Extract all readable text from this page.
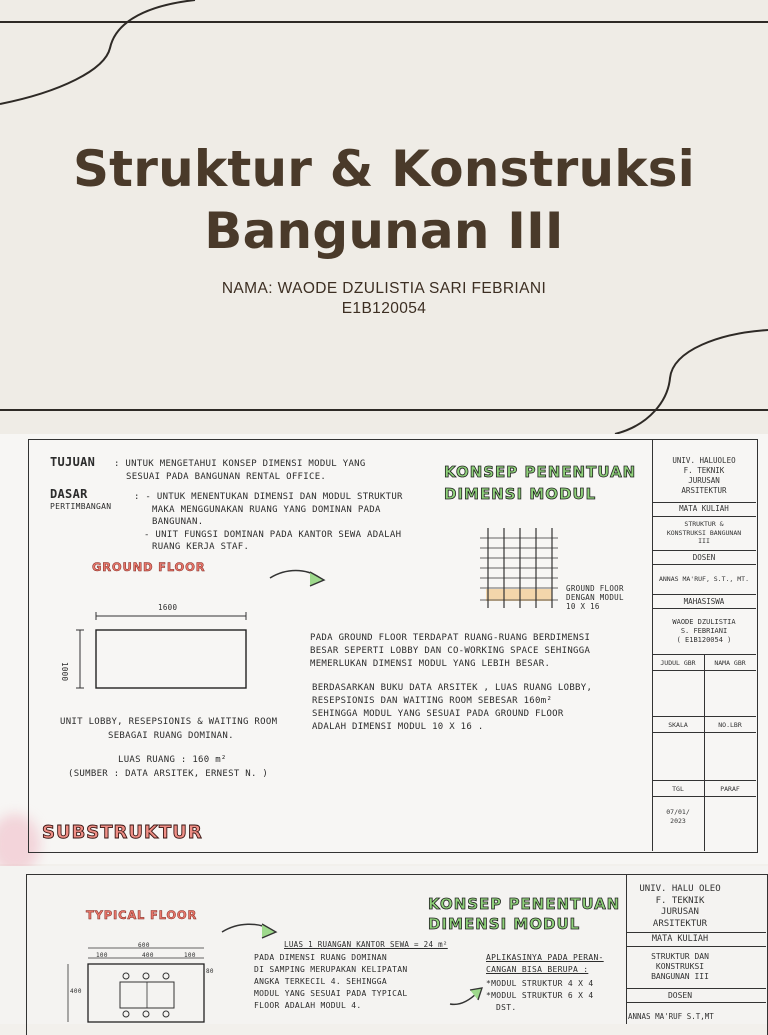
Struktur & Konstruksi
Bangunan III
NAMA: WAODE DZULISTIA SARI FEBRIANI
E1B120054
TUJUAN : UNTUK MENGETAHUI KONSEP DIMENSI MODUL YANG
SESUAI PADA BANGUNAN RENTAL OFFICE.
DASAR
PERTIMBANGAN
: - UNTUK MENENTUKAN DIMENSI DAN MODUL STRUKTUR
MAKA MENGGUNAKAN RUANG YANG DOMINAN PADA
BANGUNAN.
- UNIT FUNGSI DOMINAN PADA KANTOR SEWA ADALAH
RUANG KERJA STAF.
KONSEP PENENTUAN
DIMENSI MODUL
GROUND FLOOR
GROUND FLOOR
DENGAN MODUL
10 X 16
1600
1000
UNIT LOBBY, RESEPSIONIS & WAITING ROOM
SEBAGAI RUANG DOMINAN.
LUAS RUANG : 160 m²
(SUMBER : DATA ARSITEK, ERNEST N. )
PADA GROUND FLOOR TERDAPAT RUANG-RUANG BERDIMENSI
BESAR SEPERTI LOBBY DAN CO-WORKING SPACE SEHINGGA
MEMERLUKAN DIMENSI MODUL YANG LEBIH BESAR.
BERDASARKAN BUKU DATA ARSITEK , LUAS RUANG LOBBY,
RESEPSIONIS DAN WAITING ROOM SEBESAR 160m²
SEHINGGA MODUL YANG SESUAI PADA GROUND FLOOR
ADALAH DIMENSI MODUL 10 X 16 .
SUBSTRUKTUR
UNIV. HALUOLEO
F. TEKNIK
JURUSAN
ARSITEKTUR
MATA KULIAH
STRUKTUR &
KONSTRUKSI BANGUNAN
III
DOSEN
ANNAS MA'RUF, S.T., MT.
MAHASISWA
WAODE DZULISTIA
S. FEBRIANI
( E1B120054 )
JUDUL GBR	NAMA GBR
SKALA	NO.LBR
TGL	PARAF
07/01/
2023
TYPICAL FLOOR
KONSEP PENENTUAN
DIMENSI MODUL
600
100	400	100
80
400
LUAS 1 RUANGAN KANTOR SEWA = 24 m²
PADA DIMENSI RUANG DOMINAN
DI SAMPING MERUPAKAN KELIPATAN
ANGKA TERKECIL 4. SEHINGGA
MODUL YANG SESUAI PADA TYPICAL
FLOOR ADALAH MODUL 4.
APLIKASINYA PADA PERAN-
CANGAN BISA BERUPA :
*MODUL STRUKTUR 4 X 4
*MODUL STRUKTUR 6 X 4
DST.
UNIV. HALU OLEO
F. TEKNIK
JURUSAN
ARSITEKTUR
MATA KULIAH
STRUKTUR DAN
KONSTRUKSI
BANGUNAN III
DOSEN
ANNAS MA'RUF S.T,MT
